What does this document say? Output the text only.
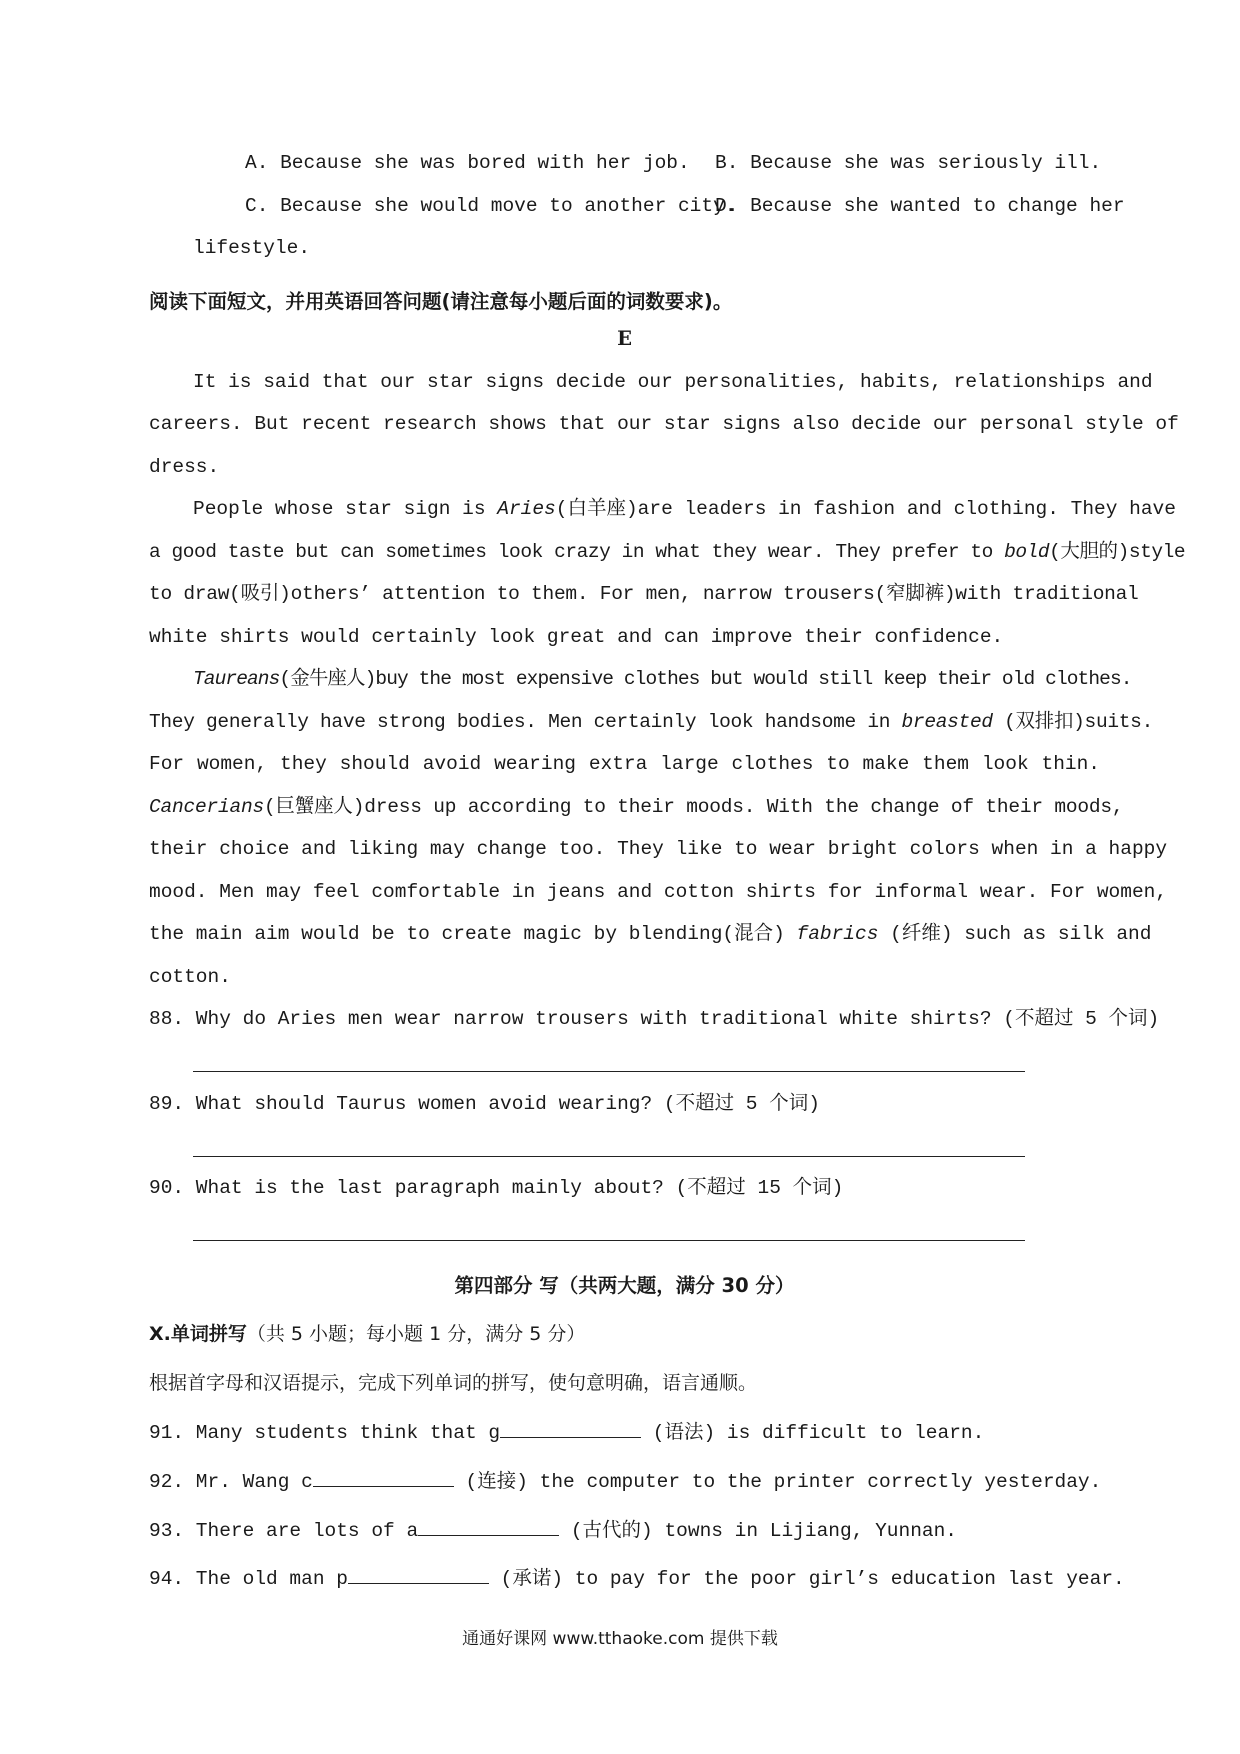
A. Because she was bored with her job. B. Because she was seriously ill.
C. Because she would move to another city.
D. Because she wanted to change her
lifestyle.
阅读下面短文，并用英语回答问题(请注意每小题后面的词数要求)。
E
It is said that our star signs decide our personalities, habits, relationships and
careers. But recent research shows that our star signs also decide our personal style of
dress.
People whose star sign is Aries(白羊座)are leaders in fashion and clothing. They have
a good taste but can sometimes look crazy in what they wear. They prefer to bold(大胆的)style
to draw(吸引)others’ attention to them. For men, narrow trousers(窄脚裤)with traditional
white shirts would certainly look great and can improve their confidence.
Taureans(金牛座人)buy the most expensive clothes but would still keep their old clothes.
They generally have strong bodies. Men certainly look handsome in breasted (双排扣)suits.
For women, they should avoid wearing extra large clothes to make them look thin.
Cancerians(巨蟹座人)dress up according to their moods. With the change of their moods,
their choice and liking may change too. They like to wear bright colors when in a happy
mood. Men may feel comfortable in jeans and cotton shirts for informal wear. For women,
the main aim would be to create magic by blending(混合) fabrics (纤维) such as silk and
cotton.
88. Why do Aries men wear narrow trousers with traditional white shirts? (不超过 5 个词)
89. What should Taurus women avoid wearing? (不超过 5 个词)
90. What is the last paragraph mainly about? (不超过 15 个词)
第四部分 写（共两大题，满分 30 分）
X.单词拼写（共 5 小题；每小题 1 分，满分 5 分）
根据首字母和汉语提示，完成下列单词的拼写，使句意明确，语言通顺。
91. Many students think that g	(语法) is difficult to learn.
92. Mr. Wang c	(连接) the computer to the printer correctly yesterday.
93. There are lots of a	(古代的) towns in Lijiang, Yunnan.
94. The old man p	(承诺) to pay for the poor girl’s education last year.
通通好课网 www.tthaoke.com 提供下载
